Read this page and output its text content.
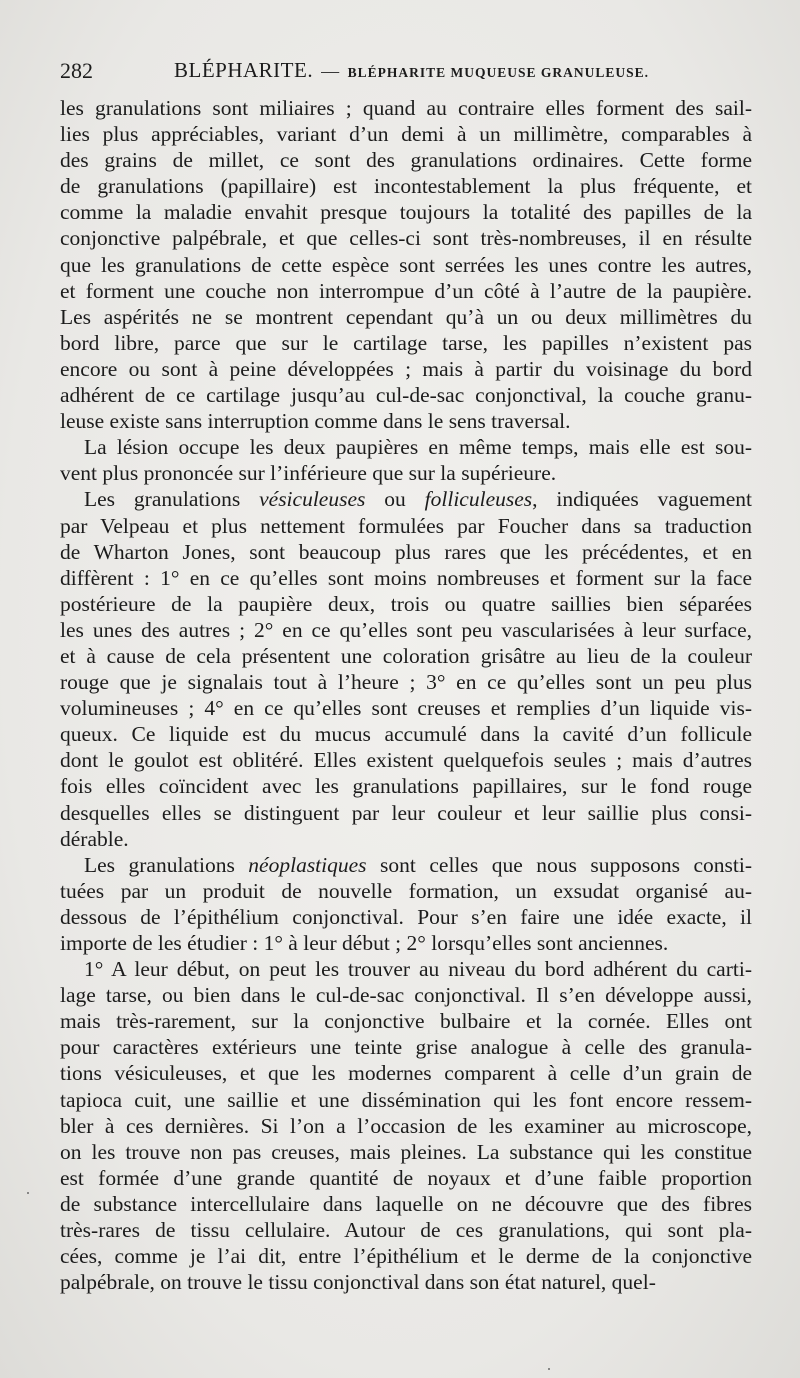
282	BLÉPHARITE. — BLÉPHARITE MUQUEUSE GRANULEUSE.

les granulations sont miliaires ; quand au contraire elles forment des sail-
lies plus appréciables, variant d’un demi à un millimètre, comparables à
des grains de millet, ce sont des granulations ordinaires. Cette forme
de granulations (papillaire) est incontestablement la plus fréquente, et
comme la maladie envahit presque toujours la totalité des papilles de la
conjonctive palpébrale, et que celles-ci sont très-nombreuses, il en résulte
que les granulations de cette espèce sont serrées les unes contre les autres,
et forment une couche non interrompue d’un côté à l’autre de la paupière.
Les aspérités ne se montrent cependant qu’à un ou deux millimètres du
bord libre, parce que sur le cartilage tarse, les papilles n’existent pas
encore ou sont à peine développées ; mais à partir du voisinage du bord
adhérent de ce cartilage jusqu’au cul-de-sac conjonctival, la couche granu-
leuse existe sans interruption comme dans le sens traversal.

La lésion occupe les deux paupières en même temps, mais elle est sou-
vent plus prononcée sur l’inférieure que sur la supérieure.

Les granulations vésiculeuses ou folliculeuses, indiquées vaguement
par Velpeau et plus nettement formulées par Foucher dans sa traduction
de Wharton Jones, sont beaucoup plus rares que les précédentes, et en
diffèrent : 1° en ce qu’elles sont moins nombreuses et forment sur la face
postérieure de la paupière deux, trois ou quatre saillies bien séparées
les unes des autres ; 2° en ce qu’elles sont peu vascularisées à leur surface,
et à cause de cela présentent une coloration grisâtre au lieu de la couleur
rouge que je signalais tout à l’heure ; 3° en ce qu’elles sont un peu plus
volumineuses ; 4° en ce qu’elles sont creuses et remplies d’un liquide vis-
queux. Ce liquide est du mucus accumulé dans la cavité d’un follicule
dont le goulot est oblitéré. Elles existent quelquefois seules ; mais d’autres
fois elles coïncident avec les granulations papillaires, sur le fond rouge
desquelles elles se distinguent par leur couleur et leur saillie plus consi-
dérable.

Les granulations néoplastiques sont celles que nous supposons consti-
tuées par un produit de nouvelle formation, un exsudat organisé au-
dessous de l’épithélium conjonctival. Pour s’en faire une idée exacte, il
importe de les étudier : 1° à leur début ; 2° lorsqu’elles sont anciennes.

1° A leur début, on peut les trouver au niveau du bord adhérent du carti-
lage tarse, ou bien dans le cul-de-sac conjonctival. Il s’en développe aussi,
mais très-rarement, sur la conjonctive bulbaire et la cornée. Elles ont
pour caractères extérieurs une teinte grise analogue à celle des granula-
tions vésiculeuses, et que les modernes comparent à celle d’un grain de
tapioca cuit, une saillie et une dissémination qui les font encore ressem-
bler à ces dernières. Si l’on a l’occasion de les examiner au microscope,
on les trouve non pas creuses, mais pleines. La substance qui les constitue
est formée d’une grande quantité de noyaux et d’une faible proportion
de substance intercellulaire dans laquelle on ne découvre que des fibres
très-rares de tissu cellulaire. Autour de ces granulations, qui sont pla-
cées, comme je l’ai dit, entre l’épithélium et le derme de la conjonctive
palpébrale, on trouve le tissu conjonctival dans son état naturel, quel-
